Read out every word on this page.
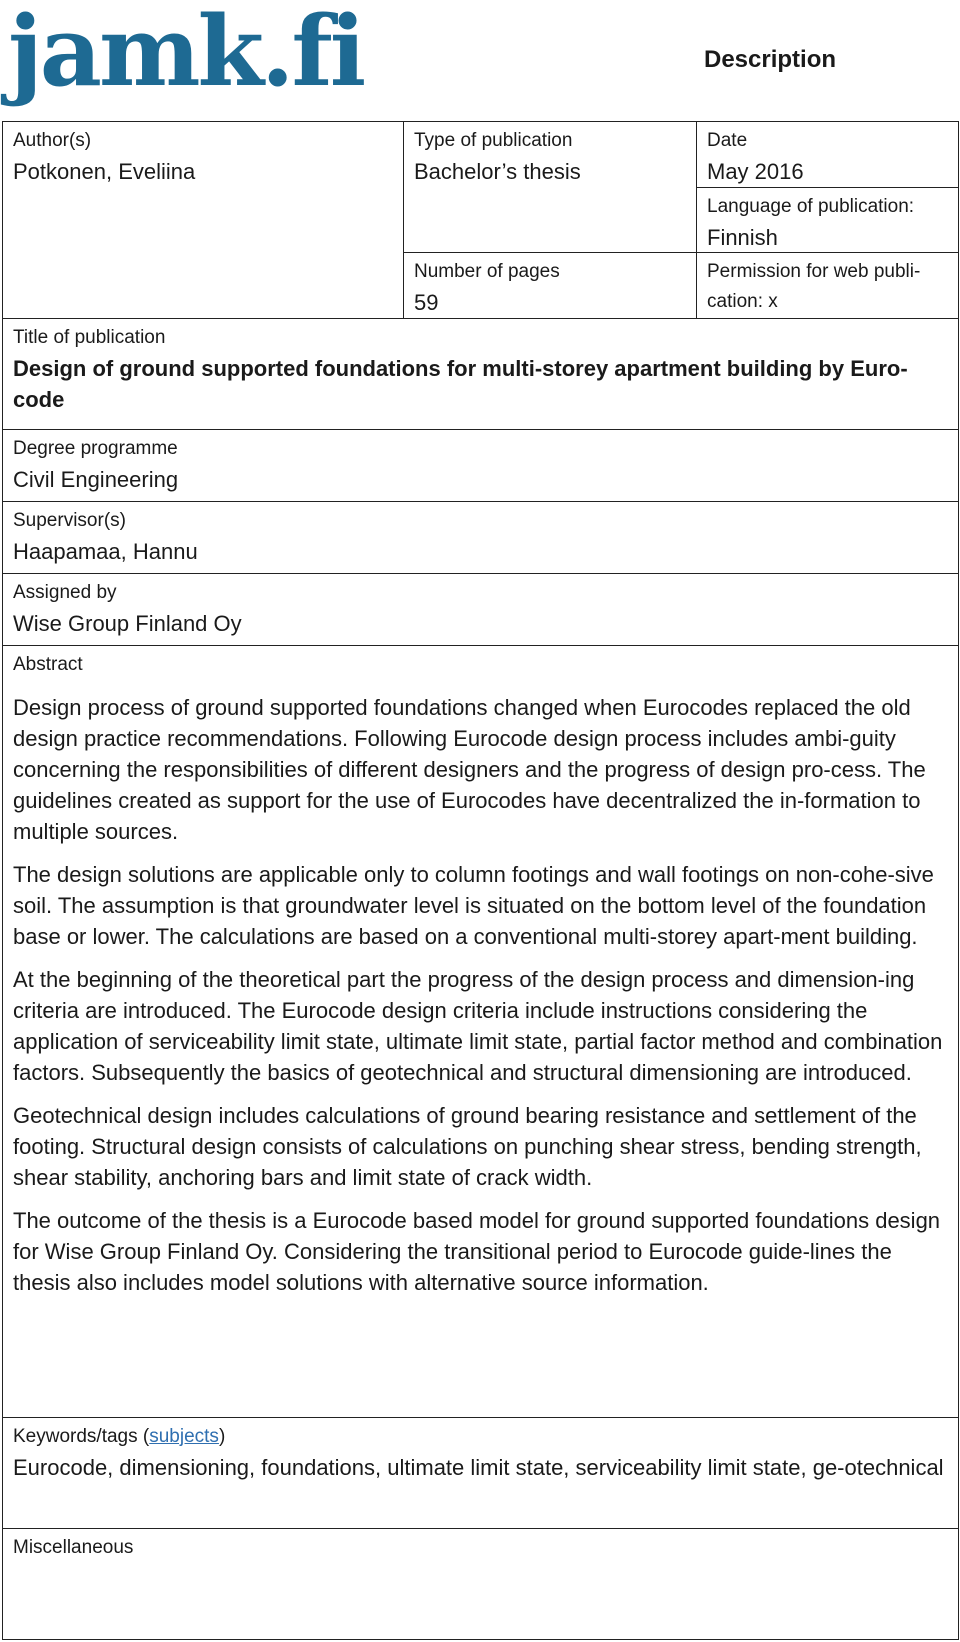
jamk.fi	Description
Author(s)
Potkonen, Eveliina
Type of publication
Bachelor’s thesis
Number of pages
59
Date
May 2016
Language of publication:
Finnish
Permission for web publi-
cation: x
Title of publication
Design of ground supported foundations for multi-storey apartment building by Euro-code
Degree programme
Civil Engineering
Supervisor(s)
Haapamaa, Hannu
Assigned by
Wise Group Finland Oy
Abstract

Design process of ground supported foundations changed when Eurocodes replaced the old design practice recommendations. Following Eurocode design process includes ambi-guity concerning the responsibilities of different designers and the progress of design pro-cess. The guidelines created as support for the use of Eurocodes have decentralized the in-formation to multiple sources.

The design solutions are applicable only to column footings and wall footings on non-cohe-sive soil. The assumption is that groundwater level is situated on the bottom level of the foundation base or lower. The calculations are based on a conventional multi-storey apart-ment building.

At the beginning of the theoretical part the progress of the design process and dimension-ing criteria are introduced. The Eurocode design criteria include instructions considering the application of serviceability limit state, ultimate limit state, partial factor method and combination factors. Subsequently the basics of geotechnical and structural dimensioning are introduced.

Geotechnical design includes calculations of ground bearing resistance and settlement of the footing. Structural design consists of calculations on punching shear stress, bending strength, shear stability, anchoring bars and limit state of crack width.

The outcome of the thesis is a Eurocode based model for ground supported foundations design for Wise Group Finland Oy. Considering the transitional period to Eurocode guide-lines the thesis also includes model solutions with alternative source information.

Keywords/tags (subjects)
Eurocode, dimensioning, foundations, ultimate limit state, serviceability limit state, ge-otechnical
Miscellaneous
